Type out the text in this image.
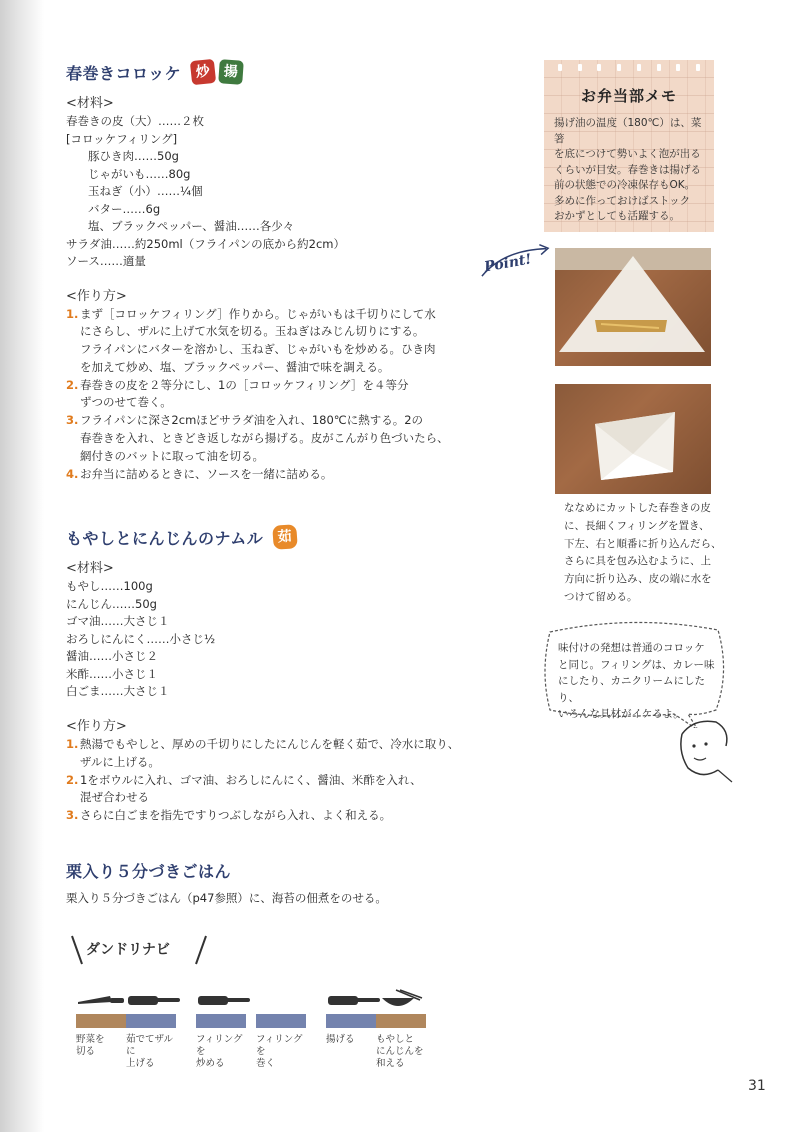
春巻きコロッケ 炒 揚
<材料>
春巻きの皮（大）……２枚
[コロッケフィリング]
豚ひき肉……50g
じゃがいも……80g
玉ねぎ（小）……¼個
バター……6g
塩、ブラックペッパー、醤油……各少々
サラダ油……約250ml（フライパンの底から約2cm）
ソース……適量
<作り方>
1. まず［コロッケフィリング］作りから。じゃがいもは千切りにして水
にさらし、ザルに上げて水気を切る。玉ねぎはみじん切りにする。
フライパンにバターを溶かし、玉ねぎ、じゃがいもを炒める。ひき肉
を加えて炒め、塩、ブラックペッパー、醤油で味を調える。
2. 春巻きの皮を２等分にし、1の［コロッケフィリング］を４等分
ずつのせて巻く。
3. フライパンに深さ2cmほどサラダ油を入れ、180℃に熱する。2の
春巻きを入れ、ときどき返しながら揚げる。皮がこんがり色づいたら、
網付きのバットに取って油を切る。
4. お弁当に詰めるときに、ソースを一緒に詰める。
もやしとにんじんのナムル	茹
<材料>
もやし……100g
にんじん……50g
ゴマ油……大さじ１
おろしにんにく……小さじ½
醤油……小さじ２
米酢……小さじ１
白ごま……大さじ１
<作り方>
1. 熱湯でもやしと、厚めの千切りにしたにんじんを軽く茹で、冷水に取り、
ザルに上げる。
2. 1をボウルに入れ、ゴマ油、おろしにんにく、醤油、米酢を入れ、
混ぜ合わせる
3. さらに白ごまを指先ですりつぶしながら入れ、よく和える。
栗入り５分づきごはん
栗入り５分づきごはん（p47参照）に、海苔の佃煮をのせる。
お弁当部メモ
揚げ油の温度（180℃）は、菜箸
を底につけて勢いよく泡が出る
くらいが目安。春巻きは揚げる
前の状態での冷凍保存もOK。
多めに作っておけばストック
おかずとしても活躍する。
Point!
ななめにカットした春巻きの皮
に、長細くフィリングを置き、
下左、右と順番に折り込んだら、
さらに具を包み込むように、上
方向に折り込み、皮の端に水を
つけて留める。
味付けの発想は普通のコロッケ
と同じ。フィリングは、カレー味
にしたり、カニクリームにしたり、
いろんな具材がイケるよ。
ダンドリナビ
野菜を
切る
茹でてザルに
上げる
フィリングを
炒める
フィリングを
巻く
揚げる	もやしと
にんじんを
和える
31
